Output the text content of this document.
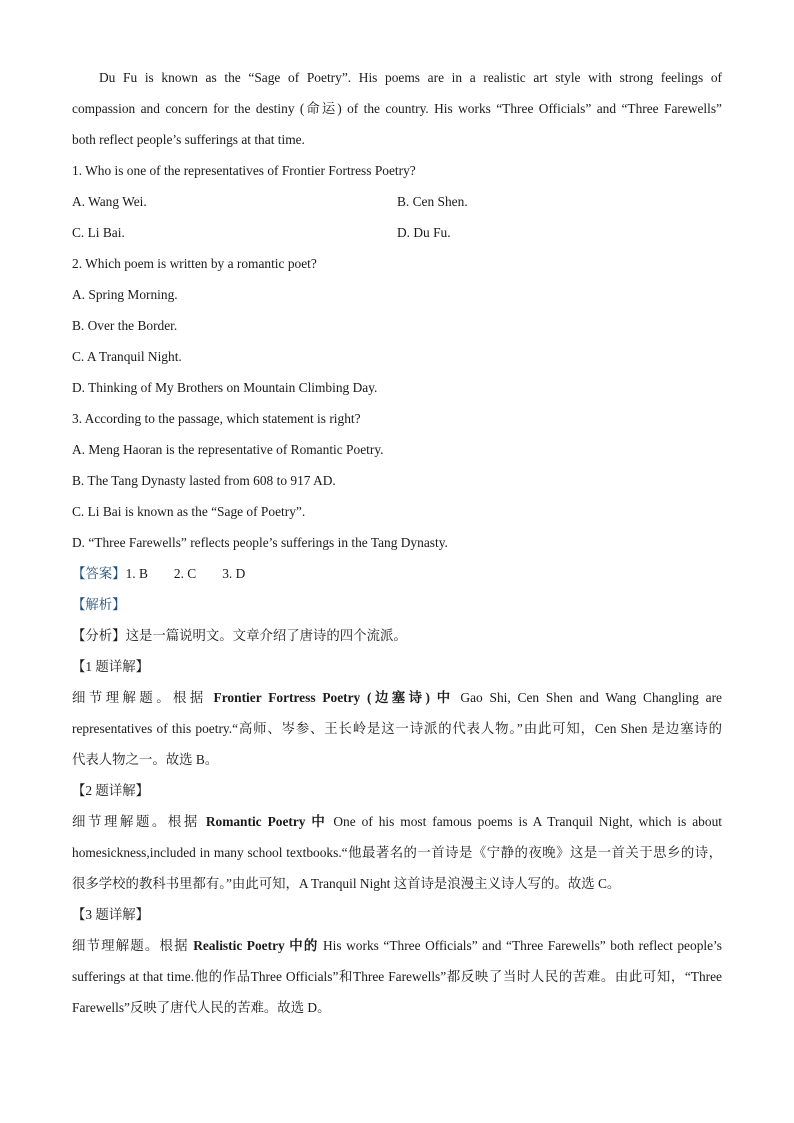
Du Fu is known as the “Sage of Poetry”. His poems are in a realistic art style with strong feelings of
compassion and concern for the destiny (命运) of the country. His works “Three Officials” and “Three Farewells”
both reflect people’s sufferings at that time.
1. Who is one of the representatives of Frontier Fortress Poetry?
A. Wang Wei.	B. Cen Shen.
C. Li Bai.	D. Du Fu.
2. Which poem is written by a romantic poet?
A. Spring Morning.
B. Over the Border.
C. A Tranquil Night.
D. Thinking of My Brothers on Mountain Climbing Day.
3. According to the passage, which statement is right?
A. Meng Haoran is the representative of Romantic Poetry.
B. The Tang Dynasty lasted from 608 to 917 AD.
C. Li Bai is known as the “Sage of Poetry”.
D. “Three Farewells” reflects people’s sufferings in the Tang Dynasty.
【答案】1. B 2. C 3. D
【解析】
【分析】这是一篇说明文。文章介绍了唐诗的四个流派。
【1 题详解】
细节理解题。根据 Frontier Fortress Poetry (边塞诗) 中 Gao Shi, Cen Shen and Wang Changling are
representatives of this poetry.“高师、岑参、王长岭是这一诗派的代表人物。”由此可知，Cen Shen 是边塞诗的
代表人物之一。故选 B。
【2 题详解】
细节理解题。根据 Romantic Poetry 中 One of his most famous poems is A Tranquil Night, which is about
homesickness,included in many school textbooks.“他最著名的一首诗是《宁静的夜晚》这是一首关于思乡的诗，
很多学校的教科书里都有。”由此可知，A Tranquil Night 这首诗是浪漫主义诗人写的。故选 C。
【3 题详解】
细节理解题。根据 Realistic Poetry 中的 His works “Three Officials” and “Three Farewells” both reflect people’s
sufferings at that time.他的作品Three Officials”和Three Farewells”都反映了当时人民的苦难。由此可知，“Three
Farewells”反映了唐代人民的苦难。故选 D。
